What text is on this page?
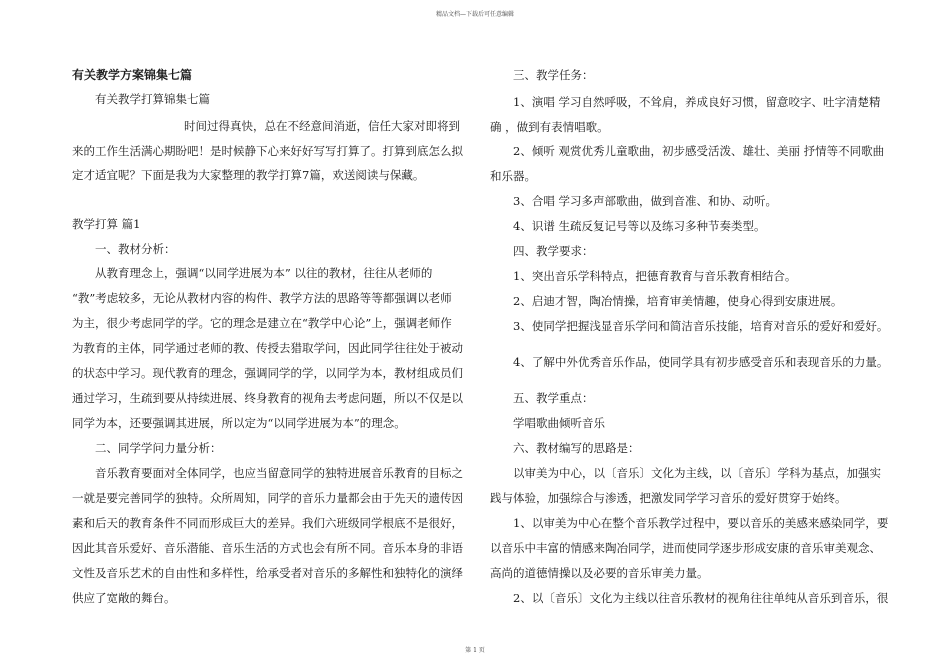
精品文档—下载后可任意编辑

有关教学方案锦集七篇

有关教学打算锦集七篇

时间过得真快，总在不经意间消逝，信任大家对即将到

来的工作生活满心期盼吧！是时候静下心来好好写写打算了。打算到底怎么拟

定才适宜呢？下面是我为大家整理的教学打算7篇，欢送阅读与保藏。

教学打算 篇1

一、教材分析：

从教育理念上，强调“以同学进展为本” 以往的教材，往往从老师的

“教”考虑较多，无论从教材内容的构件、教学方法的思路等等都强调以老师

为主，很少考虑同学的学。它的理念是建立在“教学中心论”上，强调老师作

为教育的主体，同学通过老师的教、传授去猎取学问，因此同学往往处于被动

的状态中学习。现代教育的理念，强调同学的学，以同学为本，教材组成员们

通过学习，生疏到要从持续进展、终身教育的视角去考虑问题，所以不仅是以

同学为本，还要强调其进展，所以定为“以同学进展为本”的理念。

二、同学学问力量分析：

音乐教育要面对全体同学，也应当留意同学的独特进展音乐教育的目标之

一就是要完善同学的独特。众所周知，同学的音乐力量都会由于先天的遗传因

素和后天的教育条件不同而形成巨大的差异。我们六班级同学根底不是很好，

因此其音乐爱好、音乐潜能、音乐生活的方式也会有所不同。音乐本身的非语

文性及音乐艺术的自由性和多样性，给承受者对音乐的多解性和独特化的演绎

供应了宽敞的舞台。

三、教学任务：

1、演唱 学习自然呼吸，不耸肩，养成良好习惯，留意咬字、吐字清楚精

确 ，做到有表情唱歌。

2、倾听 观赏优秀儿童歌曲，初步感受活泼、雄壮、美丽 抒情等不同歌曲

和乐器。

3、合唱 学习多声部歌曲，做到音准、和协、动听。

4、识谱 生疏反复记号等以及练习多种节奏类型。

四、教学要求：

1、突出音乐学科特点，把德育教育与音乐教育相结合。

2、启迪才智，陶冶情操，培育审美情趣，使身心得到安康进展。

3、使同学把握浅显音乐学问和简洁音乐技能，培育对音乐的爱好和爱好。

4、了解中外优秀音乐作品，使同学具有初步感受音乐和表现音乐的力量。

五、教学重点：

学唱歌曲倾听音乐

六、教材编写的思路是：

以审美为中心，以〔音乐〕文化为主线，以〔音乐〕学科为基点，加强实

践与体验，加强综合与渗透，把激发同学学习音乐的爱好贯穿于始终。

1、以审美为中心在整个音乐教学过程中，要以音乐的美感来感染同学，要

以音乐中丰富的情感来陶冶同学，进而使同学逐步形成安康的音乐审美观念、

高尚的道德情操以及必要的音乐审美力量。

2、以〔音乐〕文化为主线以往音乐教材的视角往往单纯从音乐到音乐，很

第 1 页
